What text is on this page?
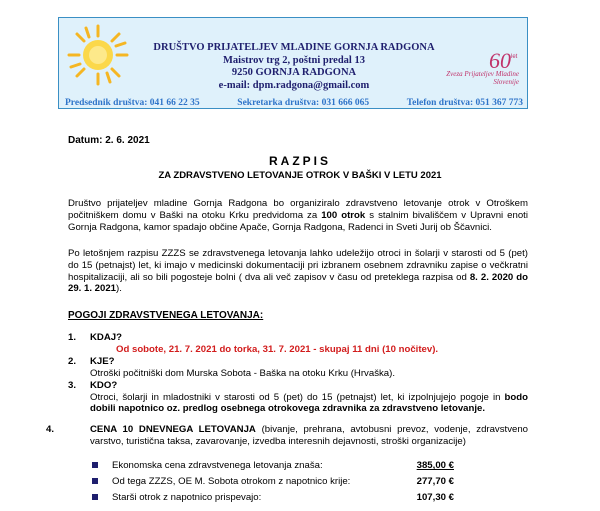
DRUŠTVO PRIJATELJEV MLADINE GORNJA RADGONA
Maistrov trg 2, poštni predal 13
9250 GORNJA RADGONA
e-mail: dpm.radgona@gmail.com
60 let
Zveza Prijateljev Mladine Slovenije
Predsednik društva: 041 66 22 35	Sekretarka društva: 031 666 065	Telefon društva: 051 367 773
Datum: 2. 6. 2021
RAZPIS
ZA ZDRAVSTVENO LETOVANJE OTROK V BAŠKI V LETU 2021
Društvo prijateljev mladine Gornja Radgona bo organiziralo zdravstveno letovanje otrok v Otroškem počitniškem domu v Baški na otoku Krku predvidoma za 100 otrok s stalnim bivališčem v Upravni enoti Gornja Radgona, kamor spadajo občine Apače, Gornja Radgona, Radenci in Sveti Jurij ob Ščavnici.
Po letošnjem razpisu ZZZS se zdravstvenega letovanja lahko udeležijo otroci in šolarji v starosti od 5 (pet) do 15 (petnajst) let, ki imajo v medicinski dokumentaciji pri izbranem osebnem zdravniku zapise o večkratni hospitalizaciji, ali so bili pogosteje bolni ( dva ali več zapisov v času od preteklega razpisa od 8. 2. 2020 do 29. 1. 2021).
POGOJI ZDRAVSTVENEGA LETOVANJA:
1. KDAJ?
Od sobote, 21. 7. 2021 do torka, 31. 7. 2021 - skupaj 11 dni (10 nočitev).
2. KJE?
Otroški počitniški dom Murska Sobota - Baška na otoku Krku (Hrvaška).
3. KDO?
Otroci, šolarji in mladostniki v starosti od 5 (pet) do 15 (petnajst) let, ki izpolnjujejo pogoje in bodo dobili napotnico oz. predlog osebnega otrokovega zdravnika za zdravstveno letovanje.
4.	CENA 10 DNEVNEGA LETOVANJA (bivanje, prehrana, avtobusni prevoz, vodenje, zdravstveno varstvo, turistična taksa, zavarovanje, izvedba interesnih dejavnosti, stroški organizacije)
Ekonomska cena zdravstvenega letovanja znaša:	385,00 €
Od tega ZZZS, OE M. Sobota otrokom z napotnico krije:	277,70 €
Starši otrok z napotnico prispevajo:	107,30 €
